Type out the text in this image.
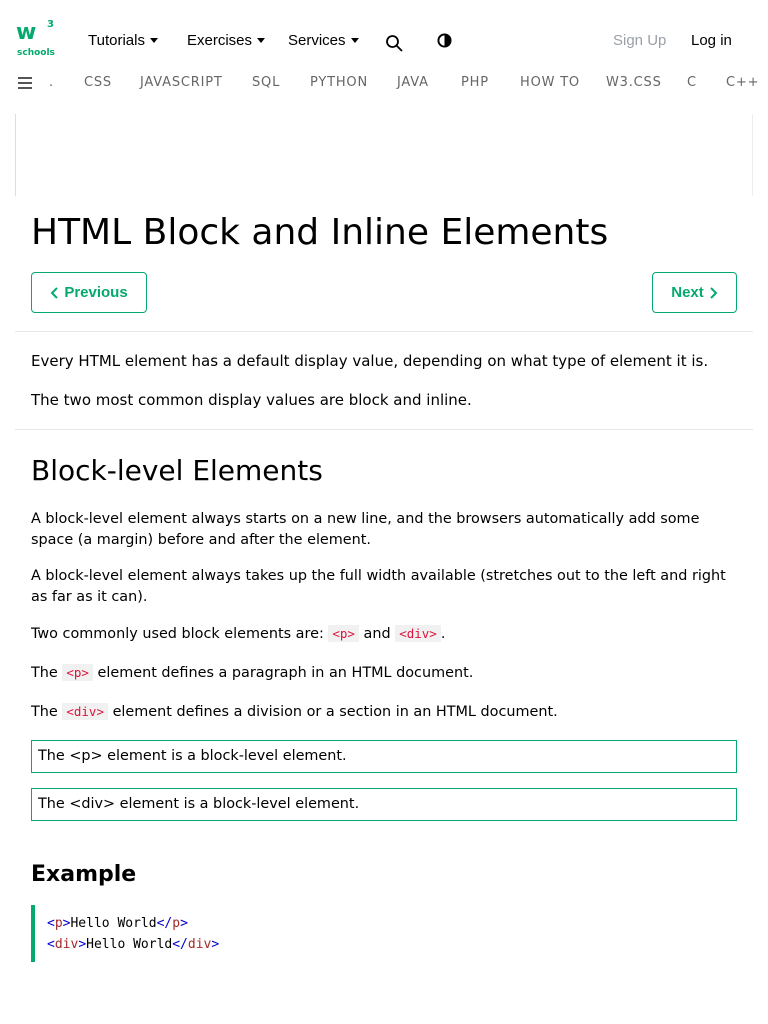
w 3
schools
Tutorials	Exercises Services	Sign Up Log in
. CSS JAVASCRIPT SQL PYTHON JAVA PHP HOW TO W3.CSS C C++
HTML Block and Inline Elements
Previous	Next

Every HTML element has a default display value, depending on what type of element it is.

The two most common display values are block and inline.

Block-level Elements

A block-level element always starts on a new line, and the browsers automatically add some space (a margin) before and after the element.

A block-level element always takes up the full width available (stretches out to the left and right as far as it can).

Two commonly used block elements are: <p> and <div> .

The <p> element defines a paragraph in an HTML document.

The <div> element defines a division or a section in an HTML document.

The <p> element is a block-level element.
The <div> element is a block-level element.
Example
<p>Hello World</p>
<div>Hello World</div>
